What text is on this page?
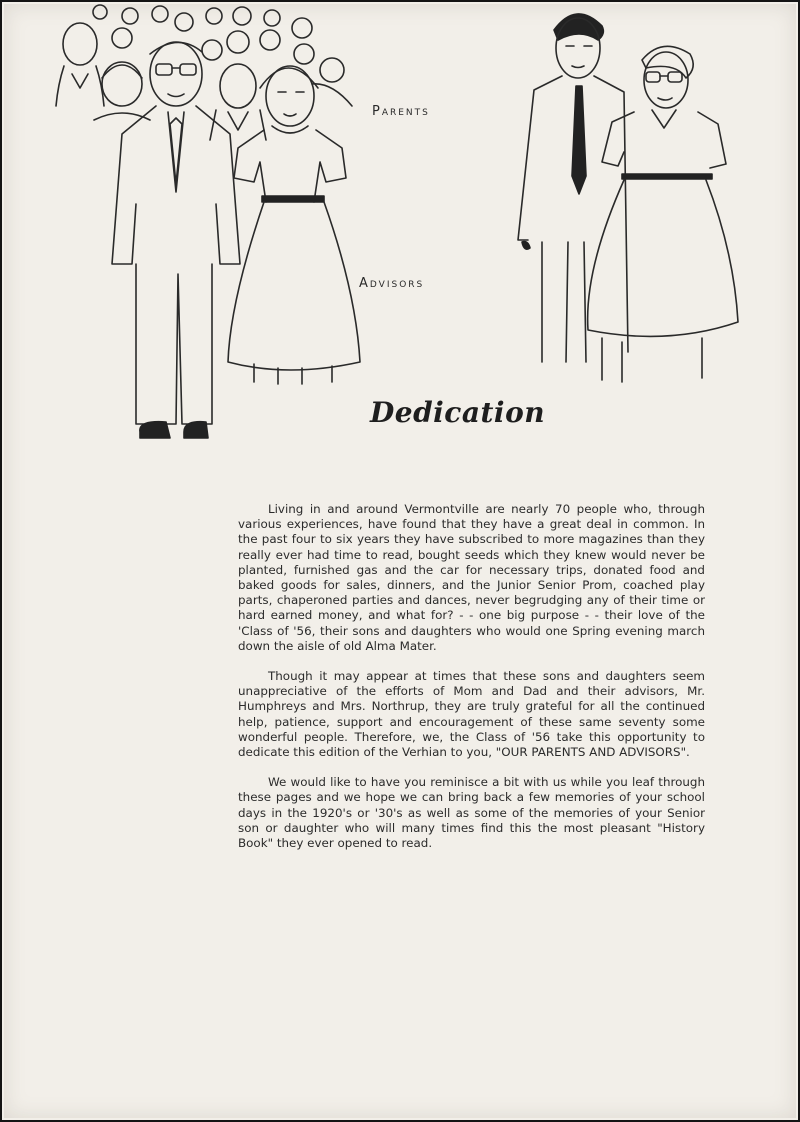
Parents
Advisors
Dedication

Living in and around Vermontville are nearly 70 people who, through various experiences, have found that they have a great deal in common. In the past four to six years they have subscribed to more magazines than they really ever had time to read, bought seeds which they knew would never be planted, furnished gas and the car for necessary trips, donated food and baked goods for sales, dinners, and the Junior Senior Prom, coached play parts, chaperoned parties and dances, never begrudging any of their time or hard earned money, and what for? - - one big purpose - - their love of the 'Class of '56, their sons and daughters who would one Spring evening march down the aisle of old Alma Mater.

Though it may appear at times that these sons and daughters seem unappreciative of the efforts of Mom and Dad and their advisors, Mr. Humphreys and Mrs. Northrup, they are truly grateful for all the continued help, patience, support and encouragement of these same seventy some wonderful people. Therefore, we, the Class of '56 take this opportunity to dedicate this edition of the Verhian to you, "OUR PARENTS AND ADVISORS".

We would like to have you reminisce a bit with us while you leaf through these pages and we hope we can bring back a few memories of your school days in the 1920's or '30's as well as some of the memories of your Senior son or daughter who will many times find this the most pleasant "History Book" they ever opened to read.
